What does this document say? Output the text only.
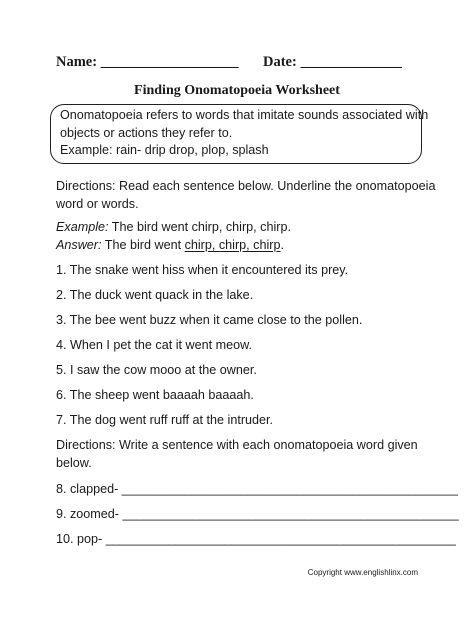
Name: ___________________ Date: ______________
Finding Onomatopoeia Worksheet
Onomatopoeia refers to words that imitate sounds associated with
objects or actions they refer to.
Example: rain- drip drop, plop, splash
Directions: Read each sentence below. Underline the onomatopoeia
word or words.
Example: The bird went chirp, chirp, chirp.
Answer: The bird went chirp, chirp, chirp.
1. The snake went hiss when it encountered its prey.
2. The duck went quack in the lake.
3. The bee went buzz when it came close to the pollen.
4. When I pet the cat it went meow.
5. I saw the cow mooo at the owner.
6. The sheep went baaaah baaaah.
7. The dog went ruff ruff at the intruder.
Directions: Write a sentence with each onomatopoeia word given
below.
8. clapped- ________________________________________________
9. zoomed- ________________________________________________
10. pop- __________________________________________________
Copyright www.englishlinx.com
